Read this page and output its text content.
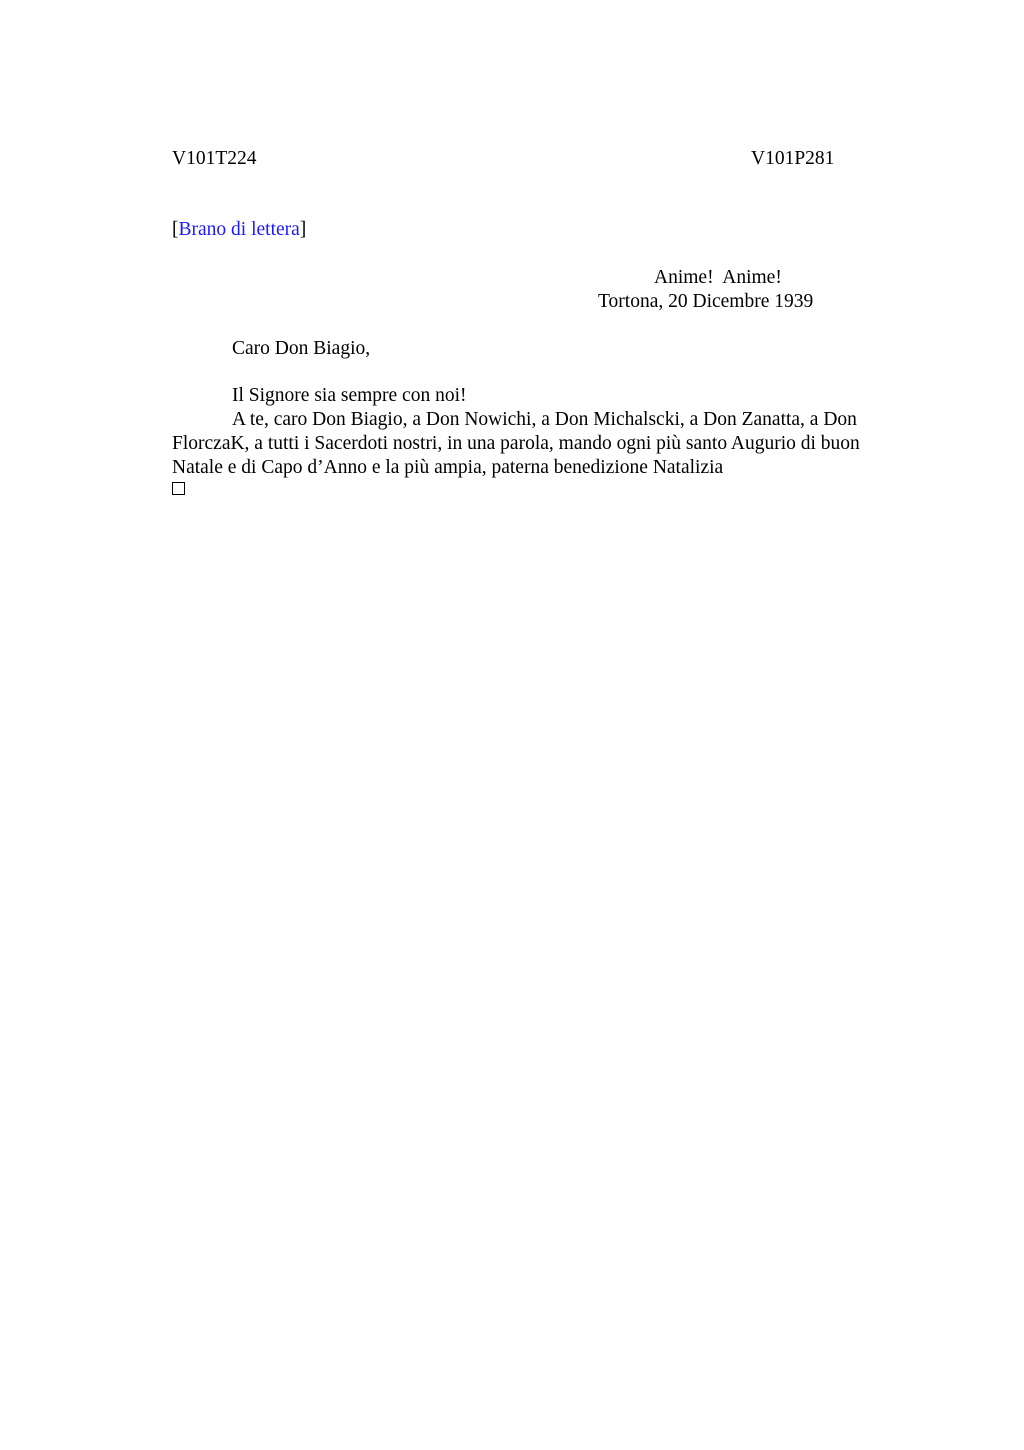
V101T224	V101P281
[Brano di lettera]
Anime!  Anime!
Tortona, 20 Dicembre 1939
Caro Don Biagio,
Il Signore sia sempre con noi!
A te, caro Don Biagio, a Don Nowichi, a Don Michalscki, a Don Zanatta, a Don FlorczaK, a tutti i Sacerdoti nostri, in una parola, mando ogni più santo Augurio di buon Natale e di Capo d’Anno e la più ampia, paterna benedizione Natalizia
